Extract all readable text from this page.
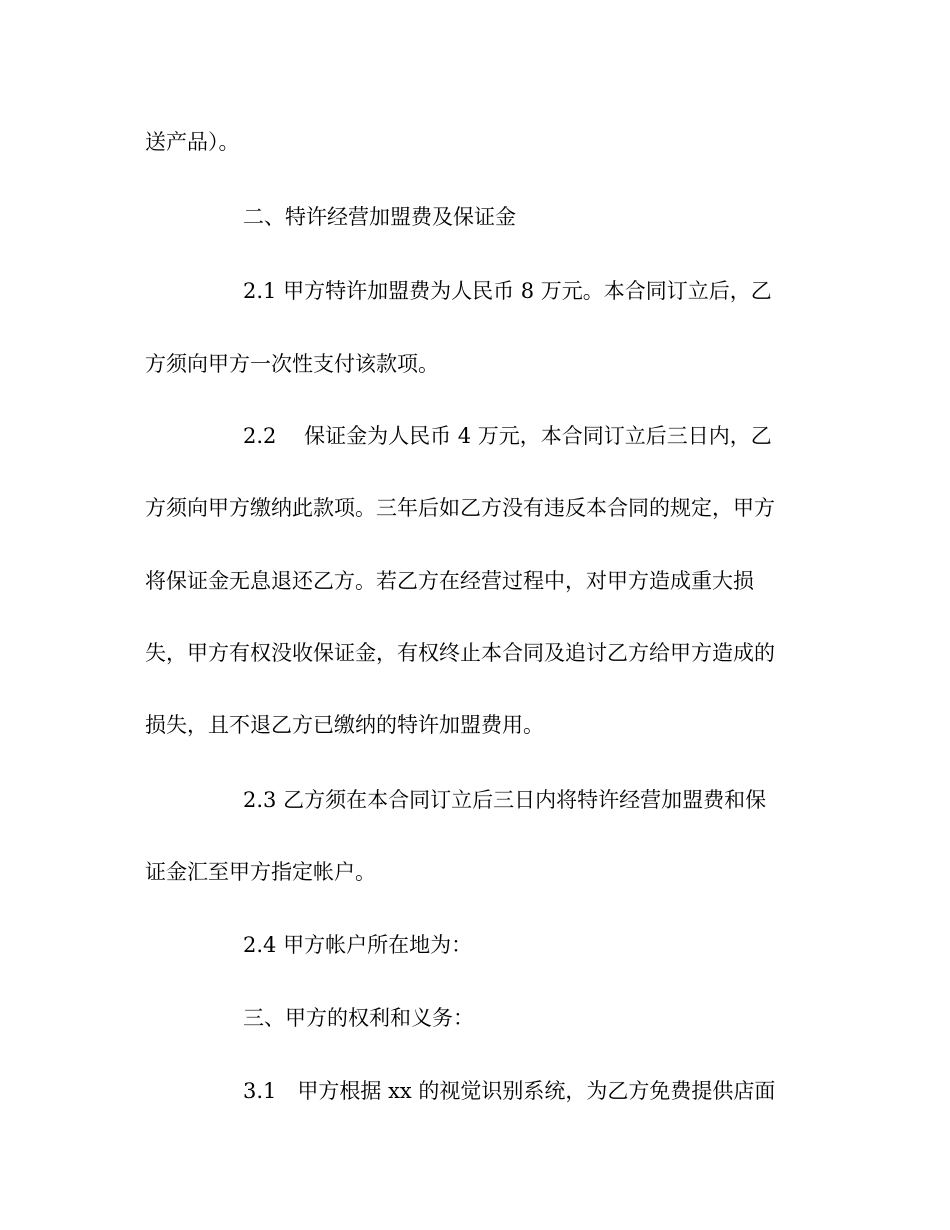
送产品）。
二、特许经营加盟费及保证金
2.1 甲方特许加盟费为人民币 8 万元。本合同订立后，乙
方须向甲方一次性支付该款项。
2.2　 保证金为人民币 4 万元，本合同订立后三日内，乙
方须向甲方缴纳此款项。三年后如乙方没有违反本合同的规定，甲方
将保证金无息退还乙方。若乙方在经营过程中，对甲方造成重大损
失，甲方有权没收保证金，有权终止本合同及追讨乙方给甲方造成的
损失，且不退乙方已缴纳的特许加盟费用。
2.3 乙方须在本合同订立后三日内将特许经营加盟费和保
证金汇至甲方指定帐户。
2.4 甲方帐户所在地为：
三、甲方的权利和义务：
3.1　甲方根据 xx 的视觉识别系统，为乙方免费提供店面
